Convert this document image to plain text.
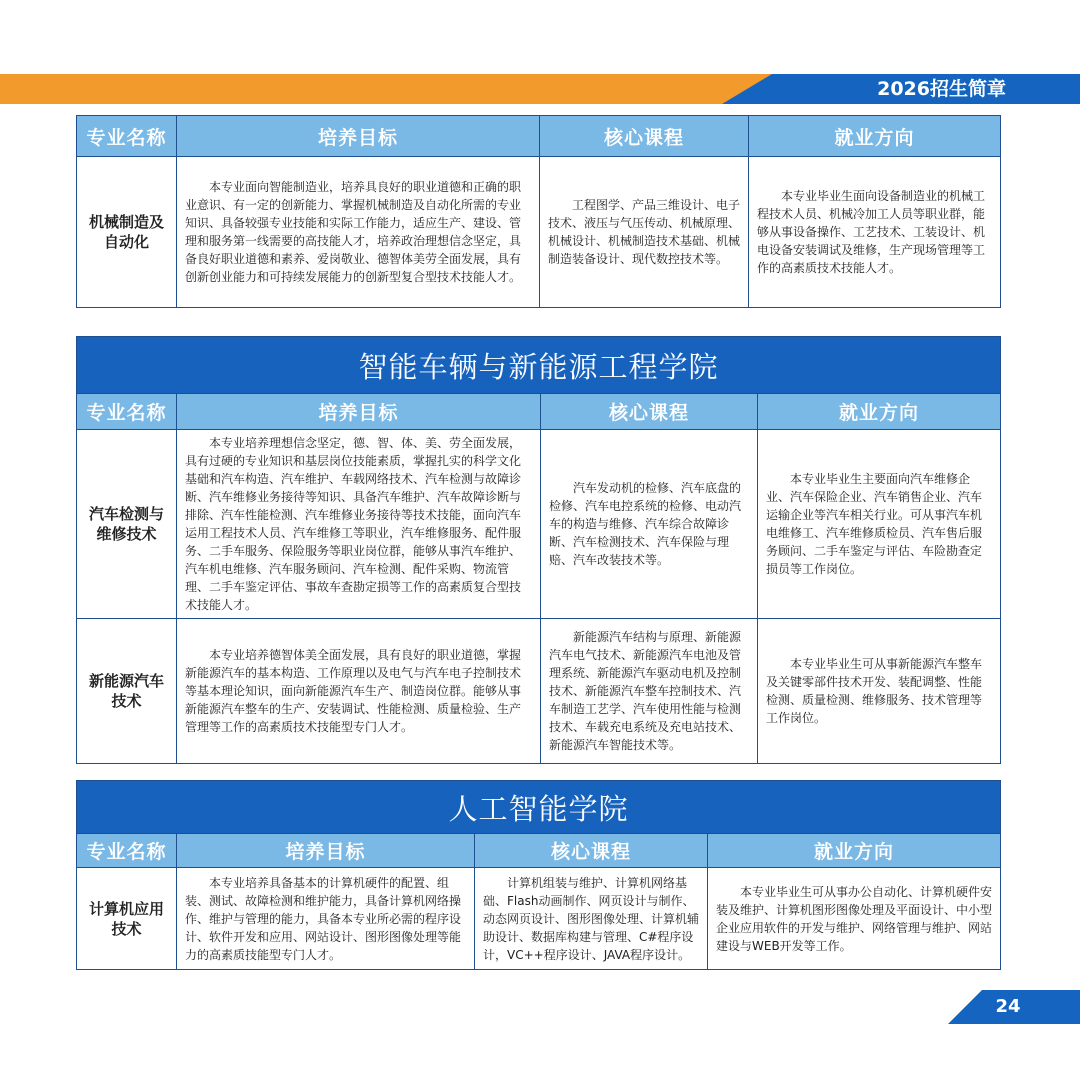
2026招生简章
专业名称	培养目标	核心课程	就业方向
机械制造及自动化	本专业面向智能制造业，培养具良好的职业道德和正确的职业意识、有一定的创新能力、掌握机械制造及自动化所需的专业知识、具备较强专业技能和实际工作能力，适应生产、建设、管理和服务第一线需要的高技能人才，培养政治理想信念坚定，具备良好职业道德和素养、爱岗敬业、德智体美劳全面发展，具有创新创业能力和可持续发展能力的创新型复合型技术技能人才。	工程图学、产品三维设计、电子技术、液压与气压传动、机械原理、机械设计、机械制造技术基础、机械制造装备设计、现代数控技术等。	本专业毕业生面向设备制造业的机械工程技术人员、机械冷加工人员等职业群，能够从事设备操作、工艺技术、工装设计、机电设备安装调试及维修，生产现场管理等工作的高素质技术技能人才。
智能车辆与新能源工程学院			
专业名称	培养目标	核心课程	就业方向
汽车检测与维修技术	本专业培养理想信念坚定，德、智、体、美、劳全面发展，具有过硬的专业知识和基层岗位技能素质，掌握扎实的科学文化基础和汽车构造、汽车维护、车载网络技术、汽车检测与故障诊断、汽车维修业务接待等知识、具备汽车维护、汽车故障诊断与排除、汽车性能检测、汽车维修业务接待等技术技能，面向汽车运用工程技术人员、汽车维修工等职业，汽车维修服务、配件服务、二手车服务、保险服务等职业岗位群，能够从事汽车维护、汽车机电维修、汽车服务顾问、汽车检测、配件采购、物流管理、二手车鉴定评估、事故车查勘定损等工作的高素质复合型技术技能人才。	汽车发动机的检修、汽车底盘的检修、汽车电控系统的检修、电动汽车的构造与维修、汽车综合故障诊断、汽车检测技术、汽车保险与理赔、汽车改装技术等。	本专业毕业生主要面向汽车维修企业、汽车保险企业、汽车销售企业、汽车运输企业等汽车相关行业。可从事汽车机电维修工、汽车维修质检员、汽车售后服务顾问、二手车鉴定与评估、车险勘查定损员等工作岗位。
新能源汽车技术	本专业培养德智体美全面发展，具有良好的职业道德，掌握新能源汽车的基本构造、工作原理以及电气与汽车电子控制技术等基本理论知识，面向新能源汽车生产、制造岗位群。能够从事新能源汽车整车的生产、安装调试、性能检测、质量检验、生产管理等工作的高素质技术技能型专门人才。	新能源汽车结构与原理、新能源汽车电气技术、新能源汽车电池及管理系统、新能源汽车驱动电机及控制技术、新能源汽车整车控制技术、汽车制造工艺学、汽车使用性能与检测技术、车载充电系统及充电站技术、新能源汽车智能技术等。	本专业毕业生可从事新能源汽车整车及关键零部件技术开发、装配调整、性能检测、质量检测、维修服务、技术管理等工作岗位。
人工智能学院			
专业名称	培养目标	核心课程	就业方向
计算机应用技术	本专业培养具备基本的计算机硬件的配置、组装、测试、故障检测和维护能力，具备计算机网络操作、维护与管理的能力，具备本专业所必需的程序设计、软件开发和应用、网站设计、图形图像处理等能力的高素质技能型专门人才。	计算机组装与维护、计算机网络基础、Flash动画制作、网页设计与制作、动态网页设计、图形图像处理、计算机辅助设计、数据库构建与管理、C#程序设计，VC++程序设计、JAVA程序设计。	本专业毕业生可从事办公自动化、计算机硬件安装及维护、计算机图形图像处理及平面设计、中小型企业应用软件的开发与维护、网络管理与维护、网站建设与WEB开发等工作。
24
